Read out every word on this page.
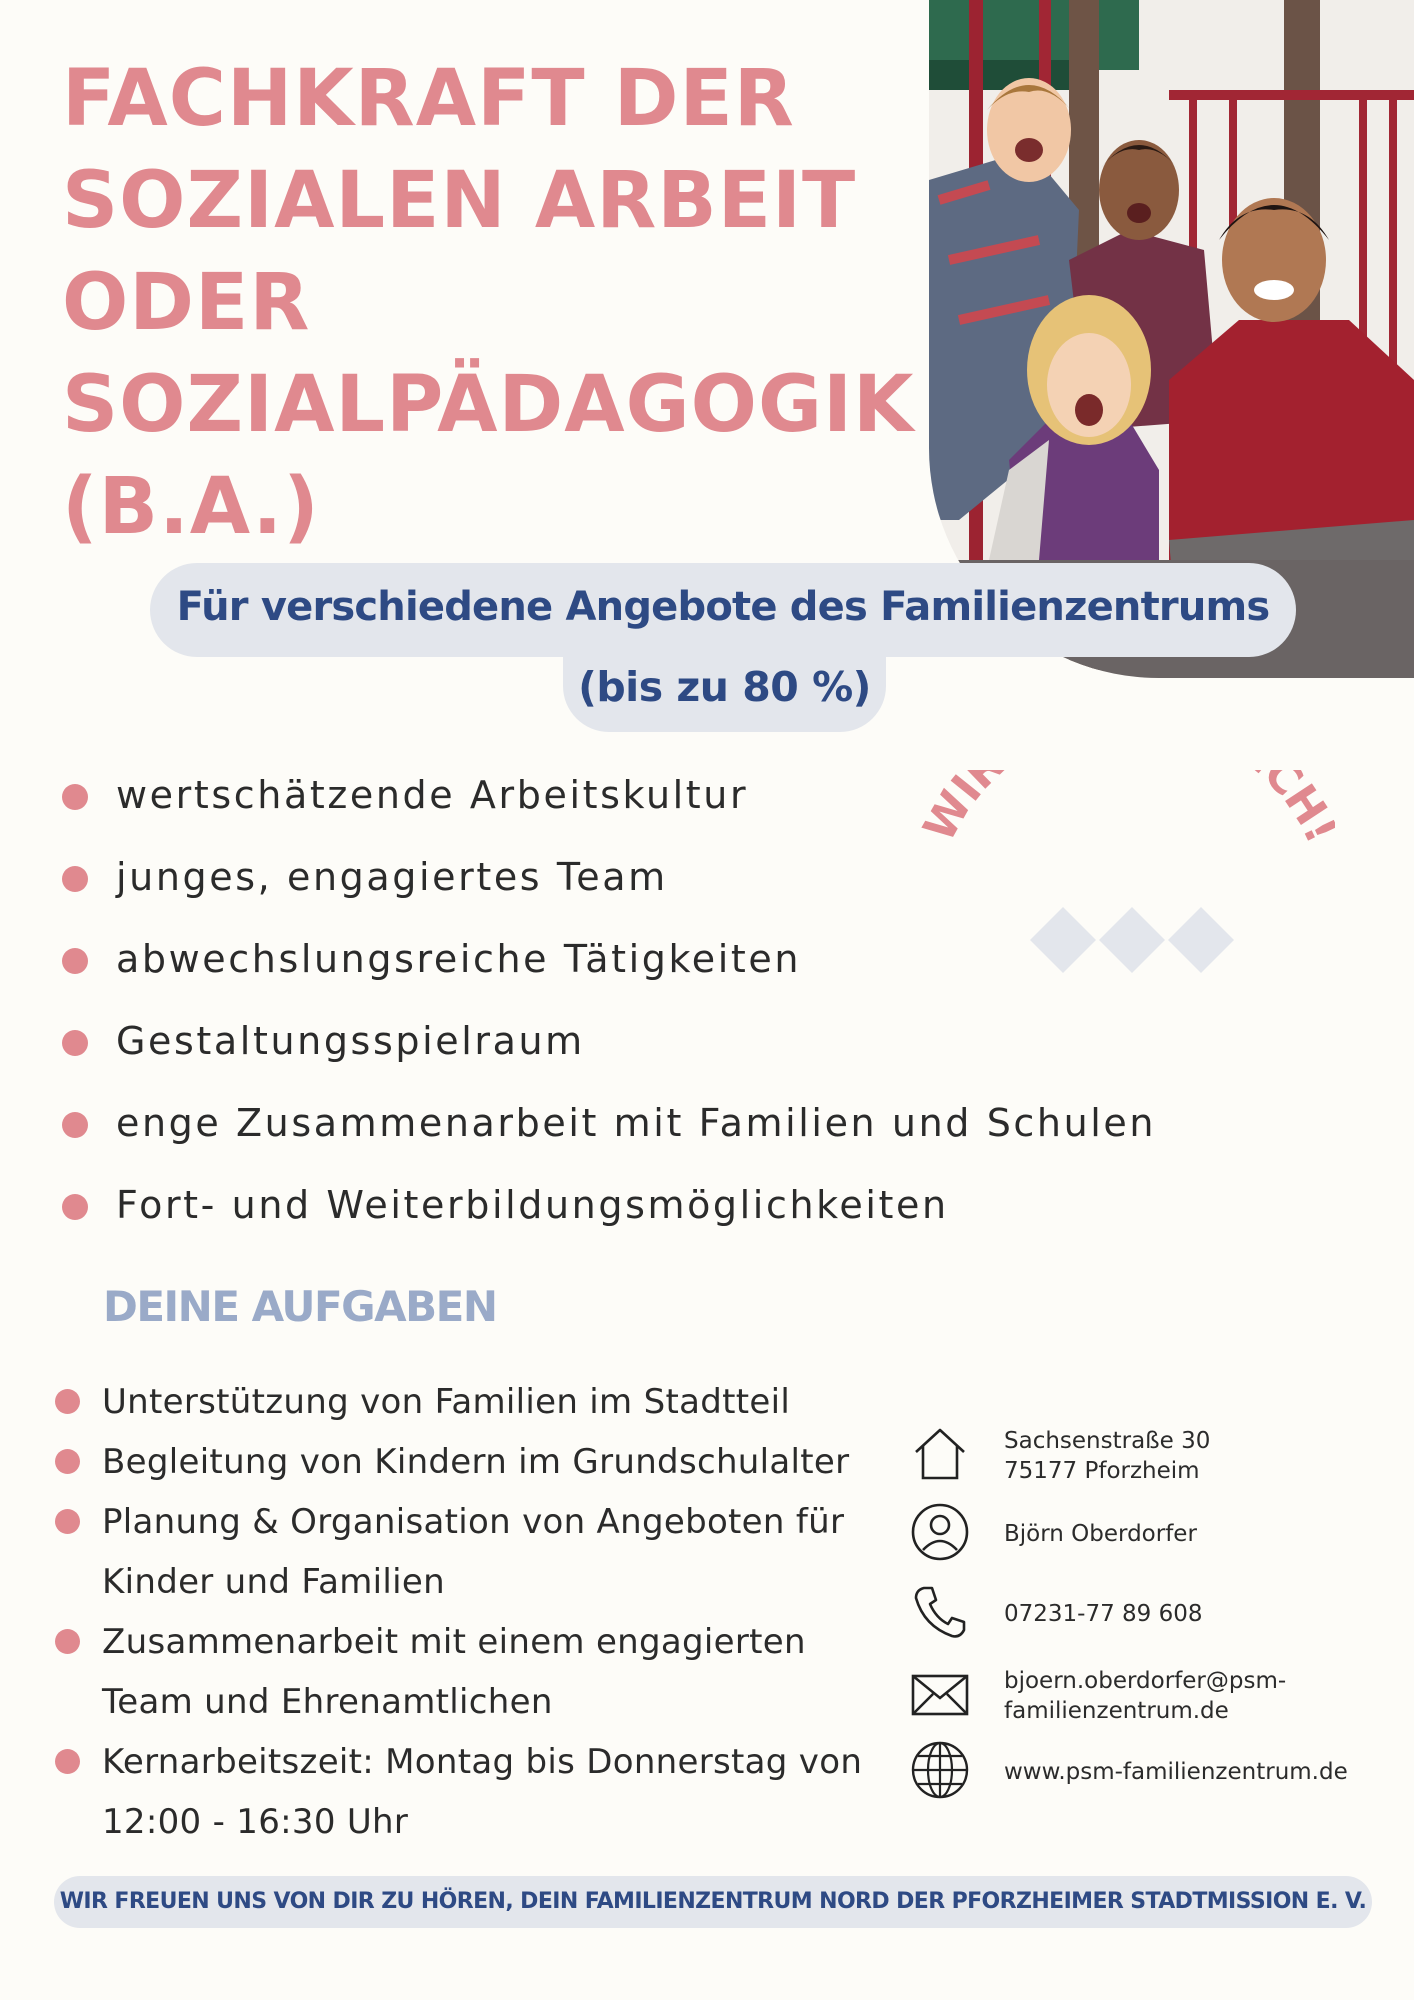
FACHKRAFT DER
SOZIALEN ARBEIT
ODER
SOZIALPÄDAGOGIK
(B.A.)
Für verschiedene Angebote des Familienzentrums
(bis zu 80 %)
wertschätzende Arbeitskultur
junges, engagiertes Team
abwechslungsreiche Tätigkeiten
Gestaltungsspielraum
enge Zusammenarbeit mit Familien und Schulen
Fort- und Weiterbildungsmöglichkeiten
WI CH
DEINE AUFGABEN
Unterstützung von Familien im Stadtteil
Begleitung von Kindern im Grundschulalter
Planung & Organisation von Angeboten für Kinder und Familien
Zusammenarbeit mit einem engagierten Team und Ehrenamtlichen
Kernarbeitszeit: Montag bis Donnerstag von 12:00 - 16:30 Uhr
Sachsenstraße 30
75177 Pforzheim
Björn Oberdorfer
07231-77 89 608
bjoern.oberdorfer@psm-
familienzentrum.de
www.psm-familienzentrum.de
WIR FREUEN UNS VON DIR ZU HÖREN, DEIN FAMILIENZENTRUM NORD DER PFORZHEIMER STADTMISSION E. V.
